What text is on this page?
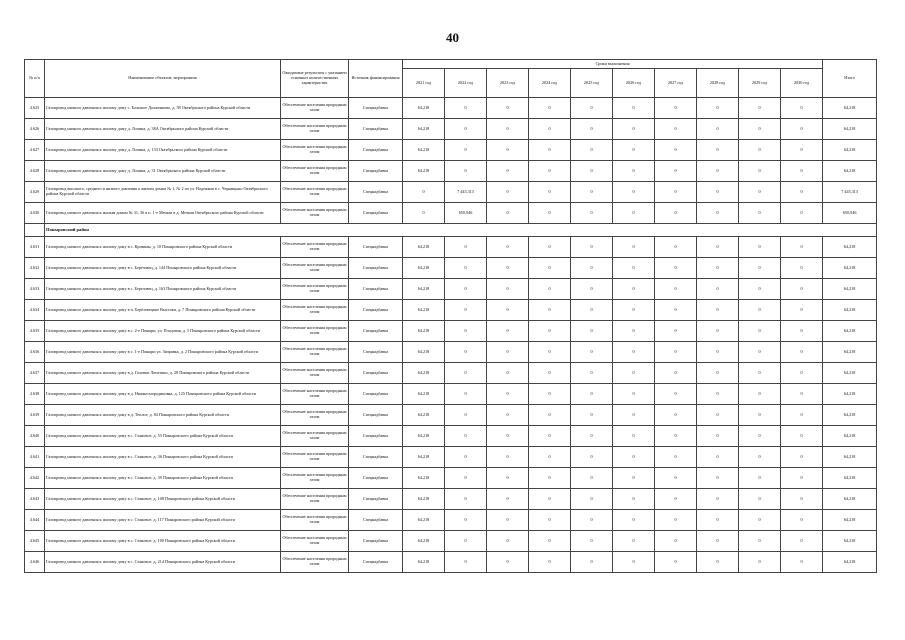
40
№ п/п	Наименование объектов, мероприятия	Ожидаемые результаты с указанием основных количественных характеристик	Источник финансирования	Сроки выполнения										Итого
				2021 год	2022 год	2023 год	2024 год	2025 год	2026 год	2027 год	2028 год	2029 год	2030 год	
4.625	Газопровод низкого давления к жилому дому с. Большое Долженково, д. 58 Октябрьского района Курской области	Обеспечение населения природным газом	Спецнадбавка	64,218	0	0	0	0	0	0	0	0	0	64,218
4.626	Газопровод низкого давления к жилому дому д. Лопина, д. 38А Октябрьского района Курской области	Обеспечение населения природным газом	Спецнадбавка	64,218	0	0	0	0	0	0	0	0	0	64,218
4.627	Газопровод низкого давления к жилому дому д. Лопина, д. 133 Октябрьского района Курской области	Обеспечение населения природным газом	Спецнадбавка	64,218	0	0	0	0	0	0	0	0	0	64,218
4.628	Газопровод низкого давления к жилому дому д. Лопина, д. 31 Октябрьского района Курской области	Обеспечение населения природным газом	Спецнадбавка	64,218	0	0	0	0	0	0	0	0	0	64,218
4.629	Газопровод высокого, среднего и низкого давления к жилым домам № 1, № 2 по ул. Надежная в с. Черницыно Октябрьского района Курской области	Обеспечение населения природным газом	Спецнадбавка	0	7 445,313	0	0	0	0	0	0	0	0	7 445,313
4.630	Газопровод низкого давления к жилым домам № 31, 36 в п. 1-е Мечкав в д. Мечкав Октябрьского района Курской области	Обеспечение населения природным газом	Спецнадбавка	0	650,946	0	0	0	0	0	0	0	0	650,946
	Поныровский район													
4.631	Газопровод низкого давления к жилому дому в с. Криваны, д. 10 Поныровского района Курской области	Обеспечение населения природным газом	Спецнадбавка	64,218	0	0	0	0	0	0	0	0	0	64,218
4.632	Газопровод низкого давления к жилому дому в с. Березовец, д. 144 Поныровского района Курской области	Обеспечение населения природным газом	Спецнадбавка	64,218	0	0	0	0	0	0	0	0	0	64,218
4.633	Газопровод низкого давления к жилому дому в с. Березовец, д. 163 Поныровского района Курской области	Обеспечение населения природным газом	Спецнадбавка	64,218	0	0	0	0	0	0	0	0	0	64,218
4.634	Газопровод низкого давления к жилому дому в п. Берёзовецкие Выселки, д. 7 Поныровского района Курской области	Обеспечение населения природным газом	Спецнадбавка	64,218	0	0	0	0	0	0	0	0	0	64,218
4.635	Газопровод низкого давления к жилому дому в с. 2-е Поныри, ул. Плодовая, д. 5 Поныровского района Курской области	Обеспечение населения природным газом	Спецнадбавка	64,218	0	0	0	0	0	0	0	0	0	64,218
4.636	Газопровод низкого давления к жилому дому в с. 1-е Поныри ул. Заправка, д. 2 Поныровского района Курской области	Обеспечение населения природным газом	Спецнадбавка	64,218	0	0	0	0	0	0	0	0	0	64,218
4.637	Газопровод низкого давления к жилому дому в д. Головки Лопатино, д. 28 Поныровского района Курской области	Обеспечение населения природным газом	Спецнадбавка	64,218	0	0	0	0	0	0	0	0	0	64,218
4.638	Газопровод низкого давления к жилому дому в д. Нижнесмородиновка, д. 125 Поныровского района Курской области	Обеспечение населения природным газом	Спецнадбавка	64,218	0	0	0	0	0	0	0	0	0	64,218
4.639	Газопровод низкого давления к жилому дому в д. Теплое, д. 84 Поныровского района Курской области	Обеспечение населения природным газом	Спецнадбавка	64,218	0	0	0	0	0	0	0	0	0	64,218
4.640	Газопровод низкого давления к жилому дому в с. Становое, д. 53 Поныровского района Курской области	Обеспечение населения природным газом	Спецнадбавка	64,218	0	0	0	0	0	0	0	0	0	64,218
4.641	Газопровод низкого давления к жилому дому в с. Становое, д. 36 Поныровского района Курской области	Обеспечение населения природным газом	Спецнадбавка	64,218	0	0	0	0	0	0	0	0	0	64,218
4.642	Газопровод низкого давления к жилому дому в с. Становое, д. 39 Поныровского района Курской области	Обеспечение населения природным газом	Спецнадбавка	64,218	0	0	0	0	0	0	0	0	0	64,218
4.643	Газопровод низкого давления к жилому дому в с. Становое, д. 108 Поныровского района Курской области	Обеспечение населения природным газом	Спецнадбавка	64,218	0	0	0	0	0	0	0	0	0	64,218
4.644	Газопровод низкого давления к жилому дому в с. Становое, д. 117 Поныровского района Курской области	Обеспечение населения природным газом	Спецнадбавка	64,218	0	0	0	0	0	0	0	0	0	64,218
4.645	Газопровод низкого давления к жилому дому в с. Становое, д. 100 Поныровского района Курской области	Обеспечение населения природным газом	Спецнадбавка	64,218	0	0	0	0	0	0	0	0	0	64,218
4.646	Газопровод низкого давления к жилому дому в с. Становое, д. 214 Поныровского района Курской области	Обеспечение населения природным газом	Спецнадбавка	64,218	0	0	0	0	0	0	0	0	0	64,218
